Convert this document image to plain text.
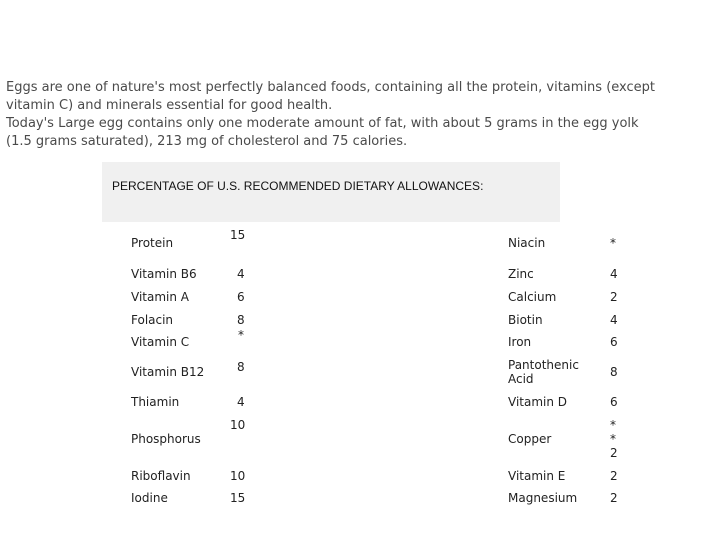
Eggs are one of nature's most perfectly balanced foods, containing all the protein, vitamins (except
vitamin C) and minerals essential for good health.
Today's Large egg contains only one moderate amount of fat, with about 5 grams in the egg yolk
(1.5 grams saturated), 213 mg of cholesterol and 75 calories.
PERCENTAGE OF U.S. RECOMMENDED DIETARY ALLOWANCES:
Protein
Vitamin B6
Vitamin A
Folacin
Vitamin C
Vitamin B12
Thiamin
Phosphorus
Riboflavin
Iodine
15
4
6
8
*
8
4
10
10
15
Niacin
Zinc
Calcium
Biotin
Iron
Pantothenic
Acid
Vitamin D
Copper
Vitamin E
Magnesium
*
4
2
4
6
8
6
*
*
2
2
2
